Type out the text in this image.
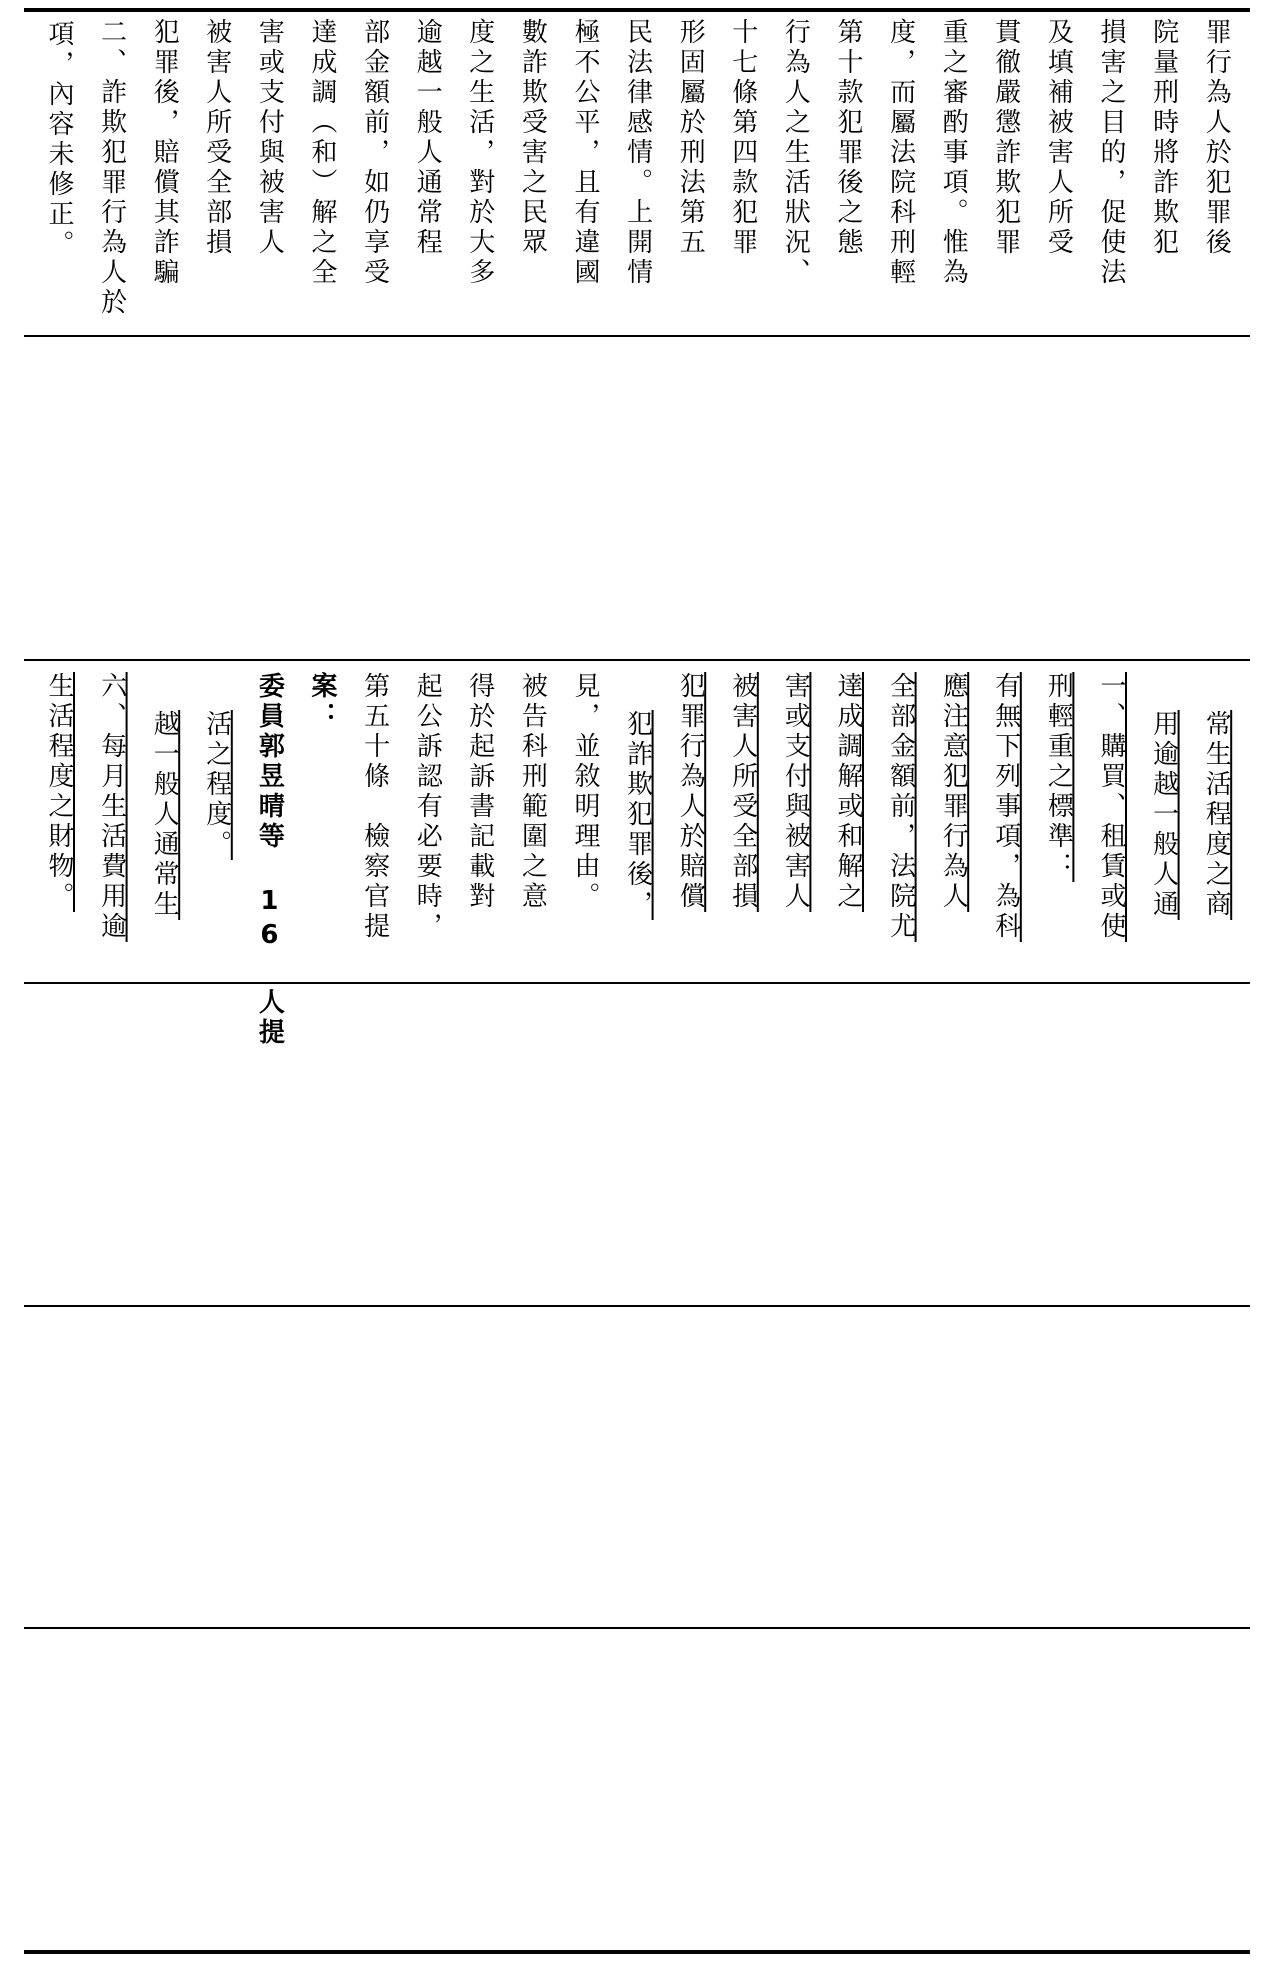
項，內容未修正。 二、詐欺犯罪行為人於 犯罪後，賠償其詐騙 被害人所受全部損 害或支付與被害人 達成調（和）解之全 部金額前，如仍享受 逾越一般人通常程 度之生活，對於大多 數詐欺受害之民眾 極不公平，且有違國 民法律感情。上開情 形固屬於刑法第五 十七條第四款犯罪 行為人之生活狀況、 第十款犯罪後之態 度，而屬法院科刑輕 重之審酌事項。惟為 貫徹嚴懲詐欺犯罪 及填補被害人所受 損害之目的，促使法 院量刑時將詐欺犯 罪行為人於犯罪後
生活程度之財物。 六、每月生活費用逾 越一般人通常生 活之程度。 委員郭昱晴等 16 人提 案： 第五十條　檢察官提 起公訴認有必要時， 得於起訴書記載對 被告科刑範圍之意 見，並敘明理由。 犯詐欺犯罪後， 犯罪行為人於賠償 被害人所受全部損 害或支付與被害人 達成調解或和解之 全部金額前，法院尤 應注意犯罪行為人 有無下列事項，為科 刑輕重之標準： 一、購買、租賃或使 用逾越一般人通 常生活程度之商
